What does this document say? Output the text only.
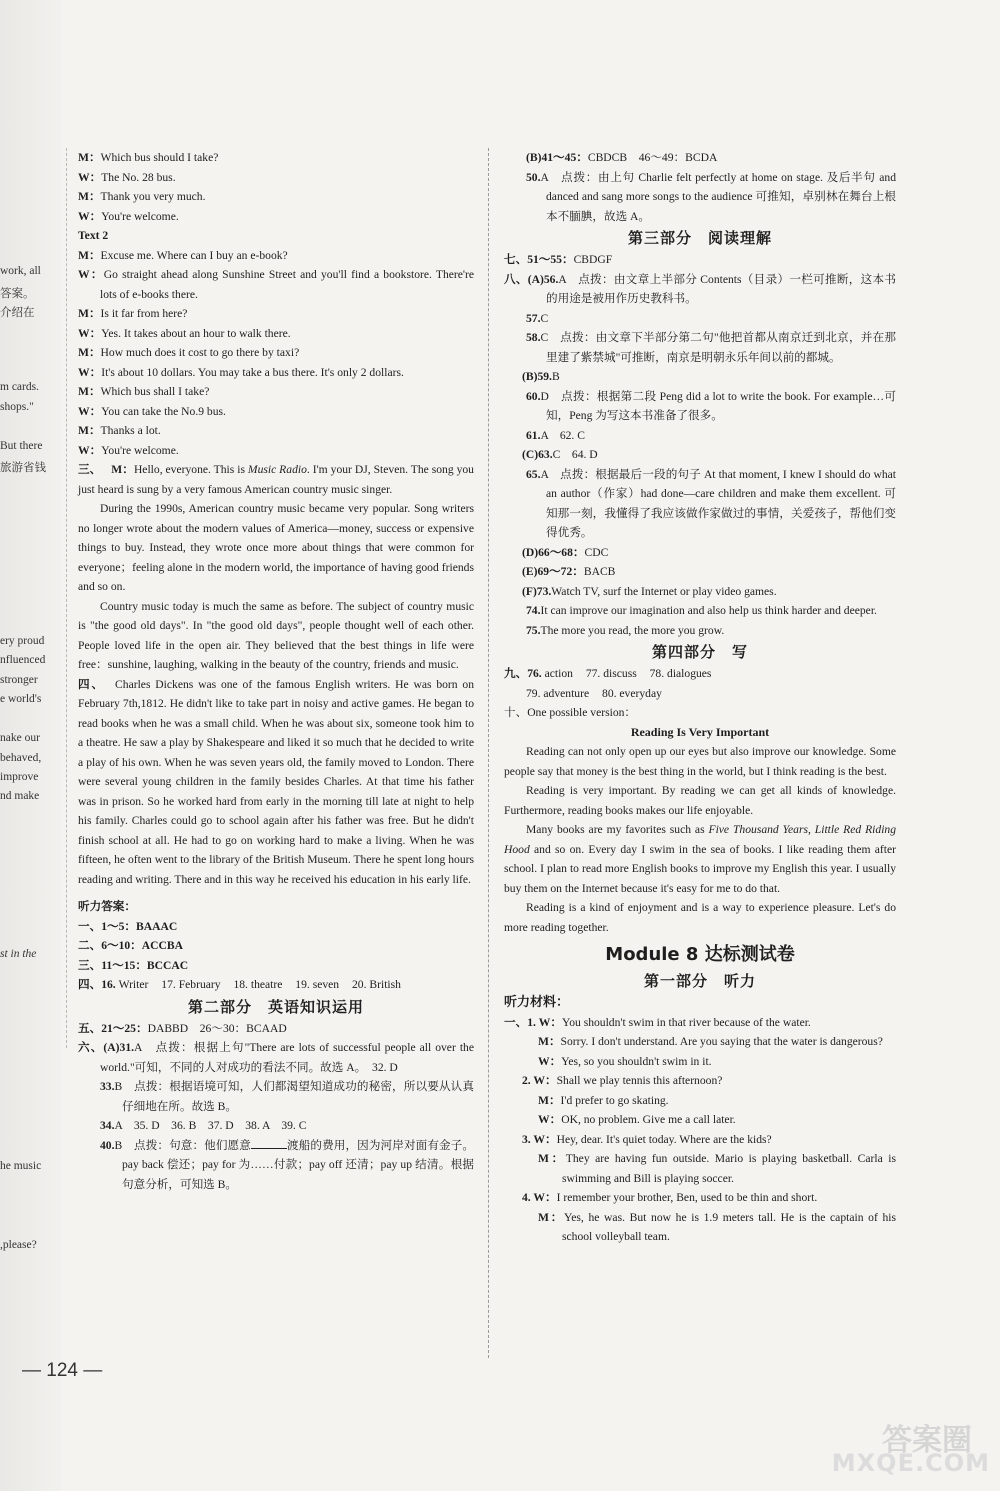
work, all
答案。
介绍在
m cards.
shops."
But there
旅游省钱
ery proud
nfluenced
stronger
e world's
nake our
behaved,
improve
nd make
st in the
he music
,please?
M：Which bus should I take?
W：The No. 28 bus.
M：Thank you very much.
W：You're welcome.
Text 2
M：Excuse me. Where can I buy an e-book?
W：Go straight ahead along Sunshine Street and you'll find a bookstore. There're lots of e-books there.
M：Is it far from here?
W：Yes. It takes about an hour to walk there.
M：How much does it cost to go there by taxi?
W：It's about 10 dollars. You may take a bus there. It's only 2 dollars.
M：Which bus shall I take?
W：You can take the No.9 bus.
M：Thanks a lot.
W：You're welcome.
三、 M：Hello, everyone. This is Music Radio. I'm your DJ, Steven. The song you just heard is sung by a very famous American country music singer.
During the 1990s, American country music became very popular. Song writers no longer wrote about the modern values of America—money, success or expensive things to buy. Instead, they wrote once more about things that were common for everyone；feeling alone in the modern world, the importance of having good friends and so on.
Country music today is much the same as before. The subject of country music is "the good old days". In "the good old days", people thought well of each other. People loved life in the open air. They believed that the best things in life were free：sunshine, laughing, walking in the beauty of the country, friends and music.
四、 Charles Dickens was one of the famous English writers. He was born on February 7th,1812. He didn't like to take part in noisy and active games. He began to read books when he was a small child. When he was about six, someone took him to a theatre. He saw a play by Shakespeare and liked it so much that he decided to write a play of his own. When he was seven years old, the family moved to London. There were several young children in the family besides Charles. At that time his father was in prison. So he worked hard from early in the morning till late at night to help his family. Charles could go to school again after his father was free. But he didn't finish school at all. He had to go on working hard to make a living. When he was fifteen, he often went to the library of the British Museum. There he spent long hours reading and writing. There and in this way he received his education in his early life.
听力答案：
一、1～5：BAAAC
二、6～10：ACCBA
三、11～15：BCCAC
四、16. Writer 17. February 18. theatre 19. seven 20. British
第二部分　英语知识运用
五、21～25：DABBD　26～30：BCAAD
六、(A)31.A　点拨：根据上句"There are lots of successful people all over the world."可知，不同的人对成功的看法不同。故选 A。　32. D
33.B　点拨：根据语境可知，人们都渴望知道成功的秘密，所以要从认真仔细地在所。故选 B。
34.A　35. D　36. B　37. D　38. A　39. C
40.B　点拨：句意：他们愿意	渡船的费用，因为河岸对面有金子。pay back 偿还；pay for 为……付款；pay off 还清；pay up 结清。根据句意分析，可知选 B。
(B)41～45：CBDCB　46～49：BCDA
50.A　点拨：由上句 Charlie felt perfectly at home on stage. 及后半句 and danced and sang more songs to the audience 可推知，卓别林在舞台上根本不腼腆，故选 A。
第三部分　阅读理解
七、51～55：CBDGF
八、(A)56.A　点拨：由文章上半部分 Contents（目录）一栏可推断，这本书的用途是被用作历史教科书。
57.C
58.C　点拨：由文章下半部分第二句"他把首都从南京迁到北京，并在那里建了紫禁城"可推断，南京是明朝永乐年间以前的都城。
(B)59.B
60.D　点拨：根据第二段 Peng did a lot to write the book. For example…可知，Peng 为写这本书准备了很多。
61.A　62. C
(C)63.C　64. D
65.A　点拨：根据最后一段的句子 At that moment, I knew I should do what an author（作家）had done—care children and make them excellent. 可知那一刻，我懂得了我应该做作家做过的事情，关爱孩子，帮他们变得优秀。
(D)66～68：CDC
(E)69～72：BACB
(F)73.Watch TV, surf the Internet or play video games.
74.It can improve our imagination and also help us think harder and deeper.
75.The more you read, the more you grow.
第四部分　写
九、76. action 77. discuss 78. dialogues
79. adventure 80. everyday
十、One possible version：
Reading Is Very Important
Reading can not only open up our eyes but also improve our knowledge. Some people say that money is the best thing in the world, but I think reading is the best.
Reading is very important. By reading we can get all kinds of knowledge. Furthermore, reading books makes our life enjoyable.
Many books are my favorites such as Five Thousand Years, Little Red Riding Hood and so on. Every day I swim in the sea of books. I like reading them after school. I plan to read more English books to improve my English this year. I usually buy them on the Internet because it's easy for me to do that.
Reading is a kind of enjoyment and is a way to experience pleasure. Let's do more reading together.
Module 8 达标测试卷
第一部分　听力
听力材料：
一、1. W：You shouldn't swim in that river because of the water.
M：Sorry. I don't understand. Are you saying that the water is dangerous?
W：Yes, so you shouldn't swim in it.
2. W：Shall we play tennis this afternoon?
M：I'd prefer to go skating.
W：OK, no problem. Give me a call later.
3. W：Hey, dear. It's quiet today. Where are the kids?
M：They are having fun outside. Mario is playing basketball. Carla is swimming and Bill is playing soccer.
4. W：I remember your brother, Ben, used to be thin and short.
M：Yes, he was. But now he is 1.9 meters tall. He is the captain of his school volleyball team.
— 124 —
答案圈
MXQE.COM
